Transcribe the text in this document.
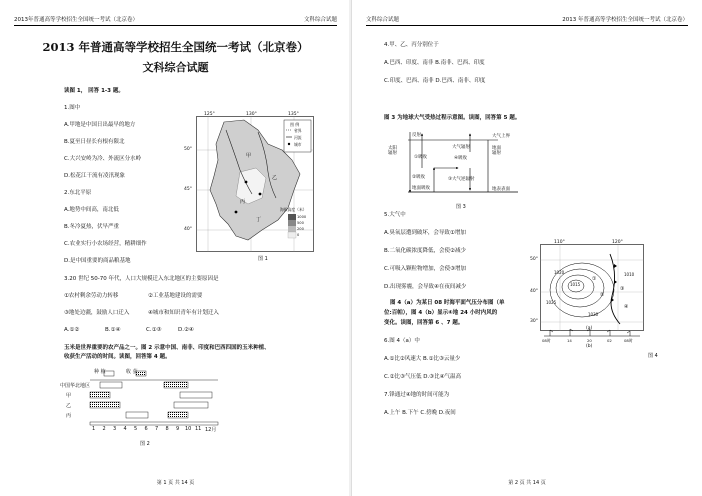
2013年普通高等学校招生全国统一考试（北京卷）	文科综合试题
2013 年普通高等学校招生全国统一考试（北京卷）
文科综合试题
读图 1， 回答 1-3 题。
1.图中
A.甲地是中国日出最早的地方
B.夏至日昼长有根有限北
C.大兴安岭为冷、外流区分水岭
D.松花江干流有凌汛现象
2.东北平原
A.地势中间高，南北低
B.冬冷夏热，伏旱严重
C.农业实行小农场经营，精耕细作
D.是中国重要的商品粮基地
3.20 世纪 50-70 年代，人口大规模迁入东北地区的主要原因是
①农村剩余劳动力转移	②工业基地建设的需要
③地处边疆，鼓励人口迁入	④城市和知识青年有计划迁入
A.①②	B.①④	C.①③	D.②④
玉米是世界重要的农产品之一。图 2 示意中国、南非、印度和巴西四国的玉米种植、
收获生产活动的时间。读图，回答第 4 题。
125°	130°	135°
50°
45°
40°
图 例
省界
河流
城市
海拔高度（米）
1000
500
200
0
甲
乙
丙
丁
图 1
种 植	收 获
中国华北地区
甲
乙
丙
1 2 3 4 5 6 7 8 9 10 11 12月
图 2
第 1 页 共 14 页
文科综合试题	2013 年普通高等学校招生全国统一考试（北京卷）
4.甲、乙、丙分别位于
A.巴西、印度、南非 B.南非、巴西、印度
C.印度、巴西、南非 D.巴西、南非、印度
图 3 为地球大气受热过程示意图。读图，回答第 5 题。
反射
太阳辐射
①吸收
大气辐射
④吸收
大气上界
地面辐射
②吸收	③大气逆辐射
地面吸收	地表表面
图 3
5.大气中
A.臭氧层遭到破坏，会导致①增加
B.二氧化碳浓度降低，会使②减少
C.可吸入颗粒物增加，会使③增加
D.出现雾霾，会导致④在夜间减少
图 4（a）为某日 08 时海平面气压分布图（单
位:百帕），图 4（b）显示④地 24 小时内风的
变化。读图，回答第 6 、7 题。
6.图 4（a）中
A.①比②风速大 B.①比③云量少
C.②比③气压低 D.③比④气温高
7.锋通过④地的时间可能为
A.上午 B.下午 C.傍晚 D.夜间
110°	120°
50°
40°
30°
1015
1020
1025
1030
1010
①
②
③
④
(a)
08时	14	20	02	08时
(b)
图 4
第 2 页 共 14 页
